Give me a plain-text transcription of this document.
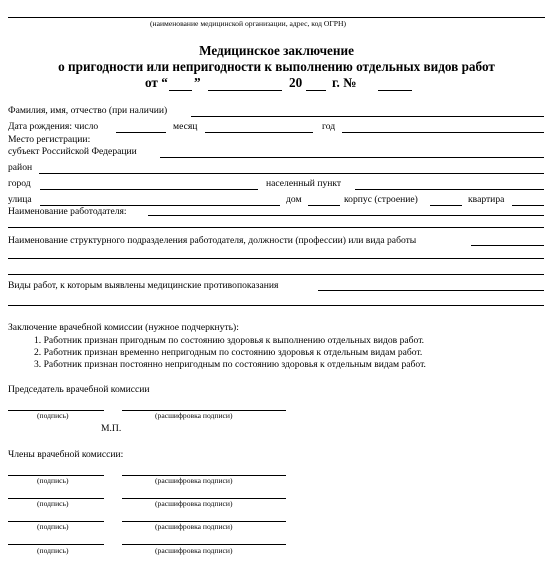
(наименование медицинской организации, адрес, код ОГРН)
Медицинское заключение
о пригодности или непригодности к выполнению отдельных видов работ
от “ ”	20 г. №
Фамилия, имя, отчество (при наличии)
Дата рождения: число	месяц	год
Место регистрации:
субъект Российской Федерации
район
город	населенный пункт
улица	дом	корпус (строение)	квартира
Наименование работодателя:
Наименование структурного подразделения работодателя, должности (профессии) или вида работы
Виды работ, к которым выявлены медицинские противопоказания
Заключение врачебной комиссии (нужное подчеркнуть):
1. Работник признан пригодным по состоянию здоровья к выполнению отдельных видов работ.
2. Работник признан временно непригодным по состоянию здоровья к отдельным видам работ.
3. Работник признан постоянно непригодным по состоянию здоровья к отдельным видам работ.
Председатель врачебной комиссии
(подпись)	(расшифровка подписи)
М.П.
Члены врачебной комиссии:
(подпись)	(расшифровка подписи)
(подпись)	(расшифровка подписи)
(подпись)	(расшифровка подписи)
(подпись)	(расшифровка подписи)
